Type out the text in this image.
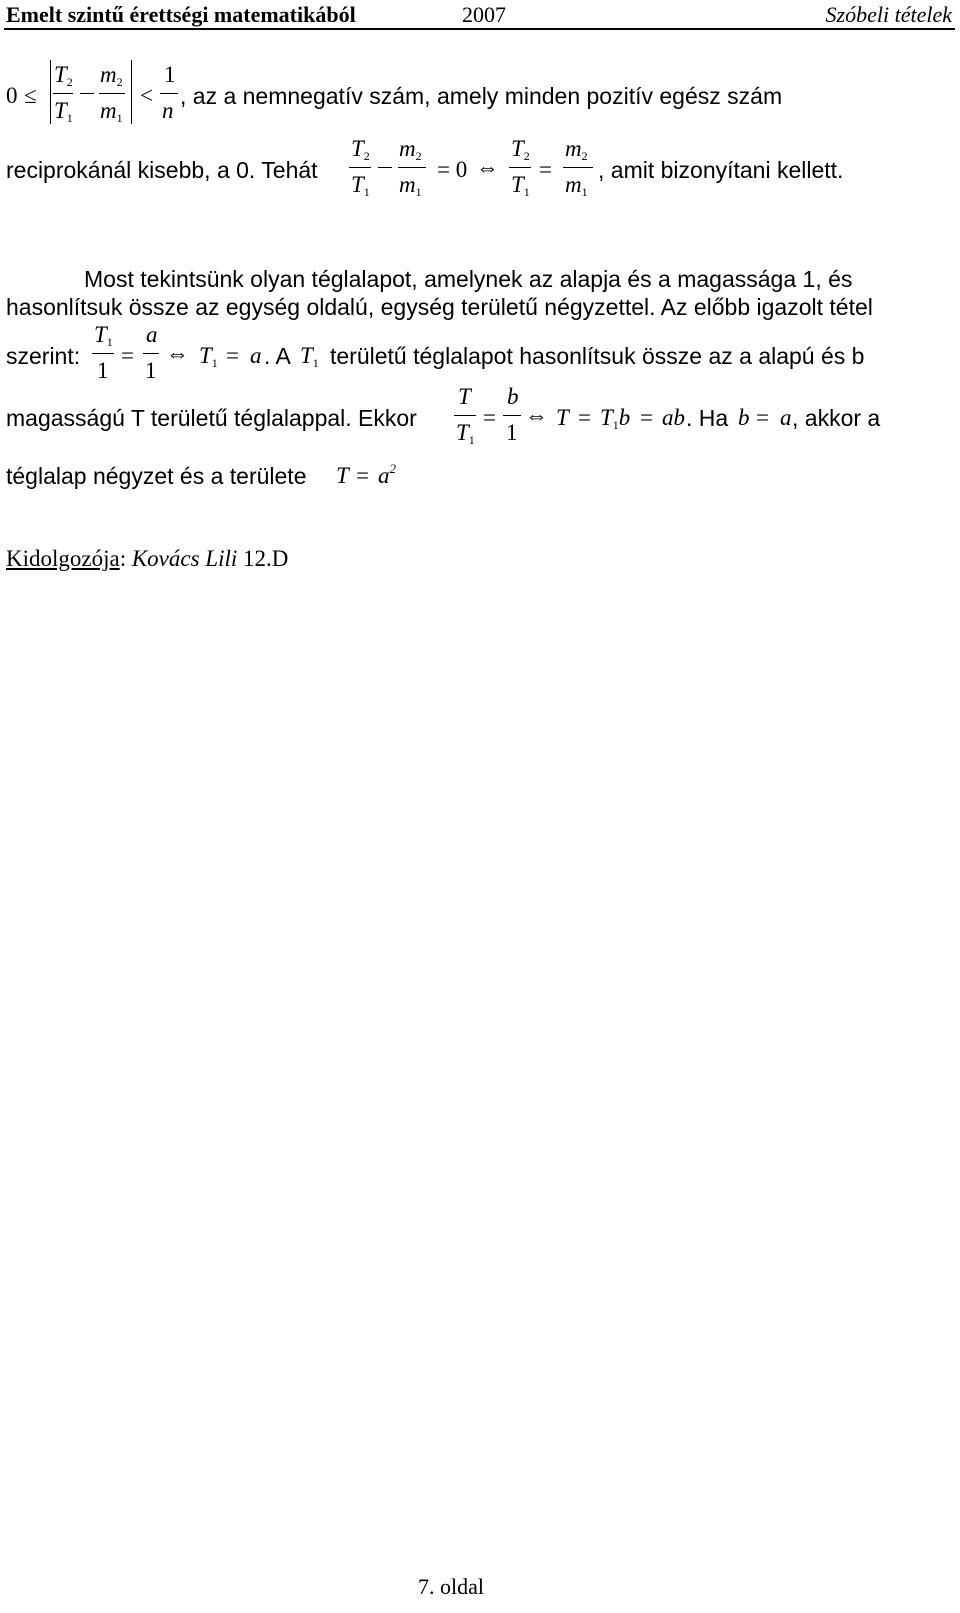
Emelt szintű érettségi matematikából	2007	Szóbeli tételek
0 ≤
T2
T1
m2
m1
<
1
n
, az a nemnegatív szám, amely minden pozitív egész szám
reciprokánál kisebb, a 0. Tehát
T2
T1
m2
m1
= 0 ⇔
T2
T1
=
m2
m1
, amit bizonyítani kellett.
Most tekintsünk olyan téglalapot, amelynek az alapja és a magassága 1, és
hasonlítsuk össze az egység oldalú, egység területű négyzettel. Az előbb igazolt tétel
szerint:
T1
1
=
a
1
⇔ T1 = a . A T1 területű téglalapot hasonlítsuk össze az a alapú és b
magasságú T területű téglalappal. Ekkor
T
T1
=
b
1
⇔ T = T1b = ab . Ha b = a , akkor a
téglalap négyzet és a területe $T = a^2$
Kidolgozója: Kovács Lili 12.D
7. oldal
